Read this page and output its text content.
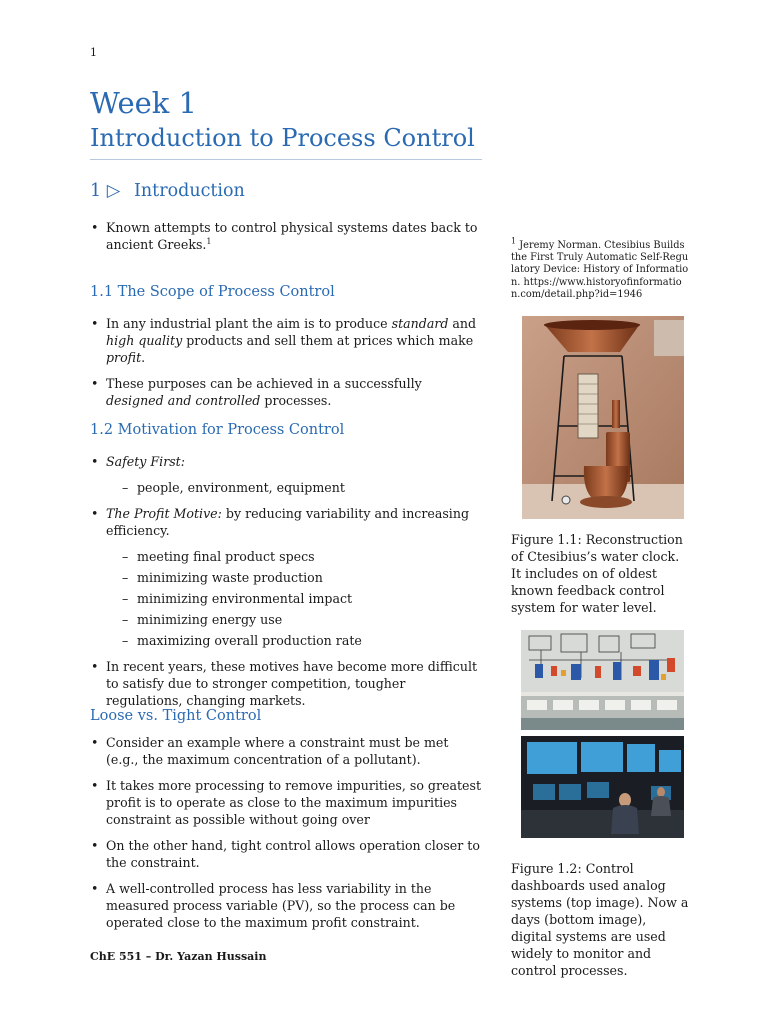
1
Week 1
Introduction to Process Control
1 ▷ Introduction
• Known attempts to control physical systems dates back to ancient Greeks.$^1$
1.1 The Scope of Process Control
• In any industrial plant the aim is to produce standard and high quality products and sell them at prices which make profit.
• These purposes can be achieved in a successfully designed and controlled processes.
1.2 Motivation for Process Control
• Safety First:
– people, environment, equipment
• The Profit Motive: by reducing variability and increasing efficiency.
– meeting final product specs
– minimizing waste production
– minimizing environmental impact
– minimizing energy use
– maximizing overall production rate
• In recent years, these motives have become more difficult to satisfy due to stronger competition, tougher regulations, changing markets.
Loose vs. Tight Control
• Consider an example where a constraint must be met (e.g., the maximum concentration of a pollutant).
• It takes more processing to remove impurities, so greatest profit is to operate as close to the maximum impurities constraint as possible without going over
• On the other hand, tight control allows operation closer to the constraint.
• A well-controlled process has less variability in the measured process variable (PV), so the process can be operated close to the maximum profit constraint.
$^1$ Jeremy Norman. Ctesibius Builds the First Truly Automatic Self-Regulatory Device: History of Information. https://www.historyofinformation.com/detail.php?id=1946
Figure 1.1: Reconstruction of Ctesibius’s water clock. It includes on of oldest known feedback control system for water level.
Figure 1.2: Control dashboards used analog systems (top image). Now a days (bottom image), digital systems are used widely to monitor and control processes.
ChE 551 – Dr. Yazan Hussain
